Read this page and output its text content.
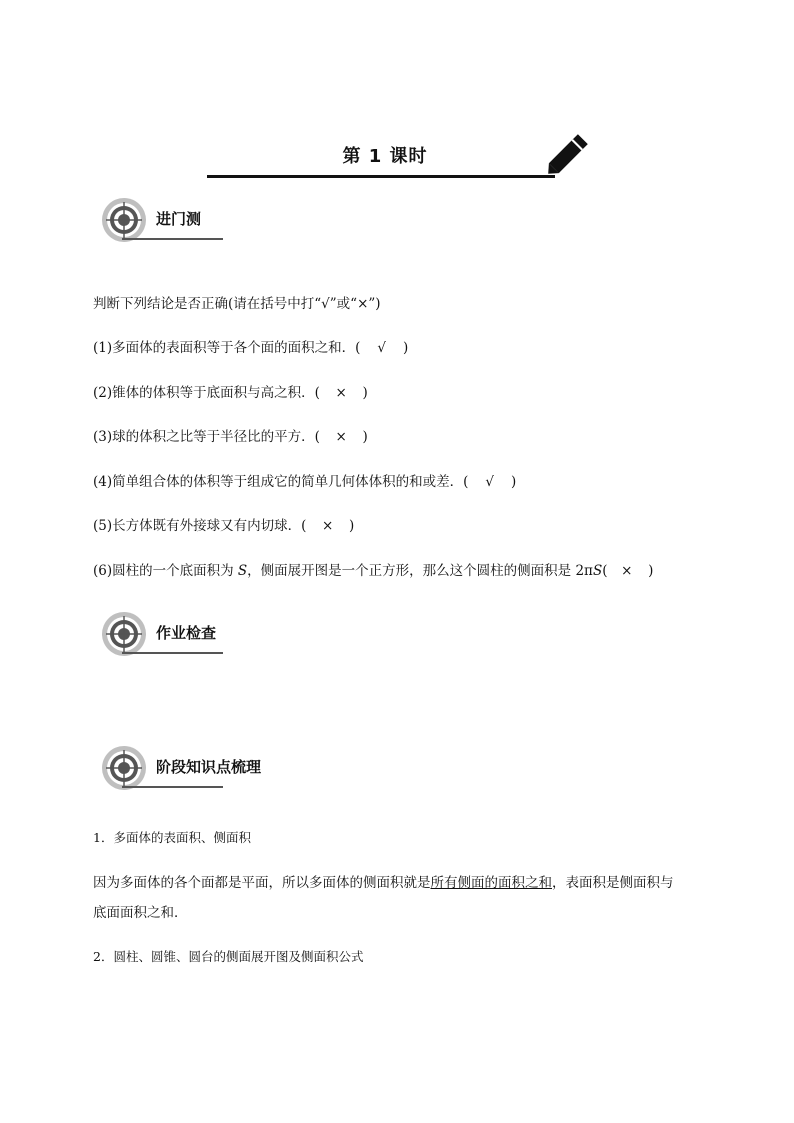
第 1 课时
进门测
判断下列结论是否正确(请在括号中打“√”或“×”)
(1)多面体的表面积等于各个面的面积之和．( √ )
(2)锥体的体积等于底面积与高之积．( × )
(3)球的体积之比等于半径比的平方．( × )
(4)简单组合体的体积等于组成它的简单几何体体积的和或差．( √ )
(5)长方体既有外接球又有内切球．( × )
(6)圆柱的一个底面积为 S，侧面展开图是一个正方形，那么这个圆柱的侧面积是 2πS( × )
作业检查
阶段知识点梳理
1．多面体的表面积、侧面积
因为多面体的各个面都是平面，所以多面体的侧面积就是所有侧面的面积之和，表面积是侧面积与
底面面积之和．
2．圆柱、圆锥、圆台的侧面展开图及侧面积公式
